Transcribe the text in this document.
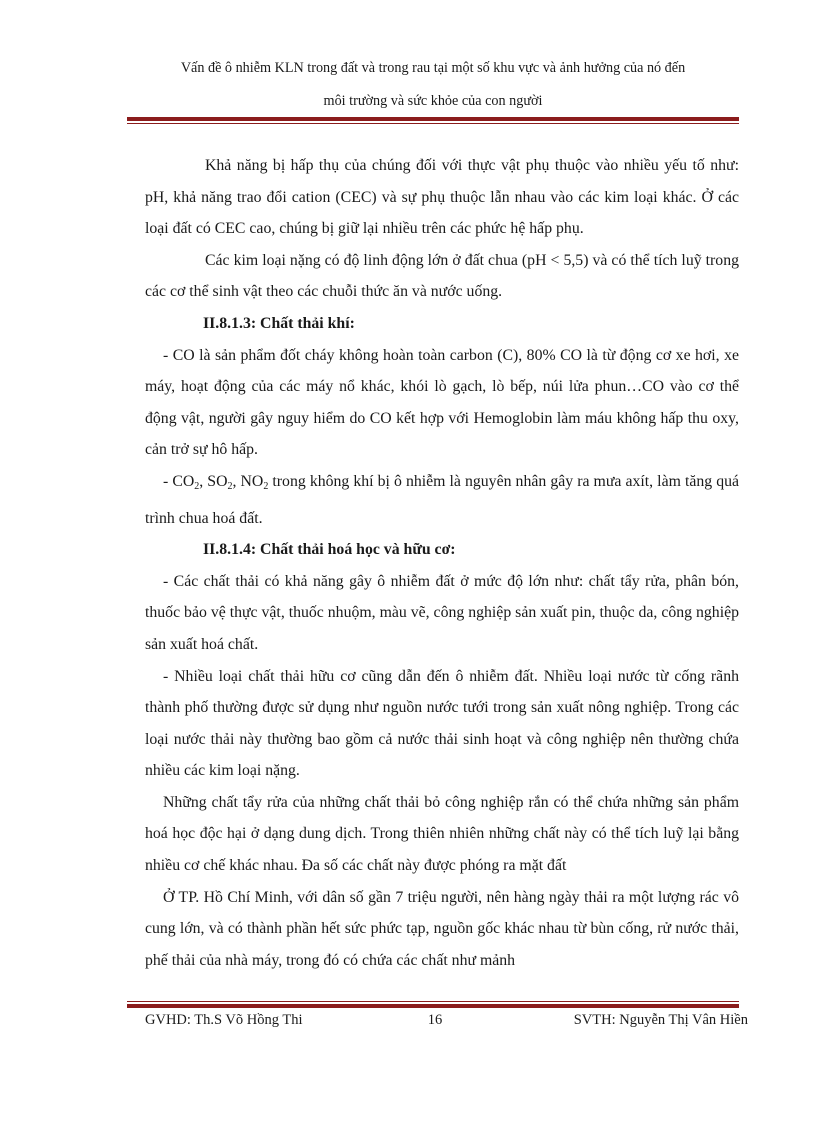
Vấn đề ô nhiễm KLN trong đất và trong rau tại một số khu vực và ảnh hưởng của nó đến
môi trường và sức khỏe của con người

Khả năng bị hấp thụ của chúng đối với thực vật phụ thuộc vào nhiều yếu tố như: pH, khả năng trao đổi cation (CEC) và sự phụ thuộc lẫn nhau vào các kim loại khác. Ở các loại đất có CEC cao, chúng bị giữ lại nhiều trên các phức hệ hấp phụ.

Các kim loại nặng có độ linh động lớn ở đất chua (pH < 5,5) và có thể tích luỹ trong các cơ thể sinh vật theo các chuỗi thức ăn và nước uống.

II.8.1.3: Chất thải khí:

- CO là sản phẩm đốt cháy không hoàn toàn carbon (C), 80% CO là từ động cơ xe hơi, xe máy, hoạt động của các máy nổ khác, khói lò gạch, lò bếp, núi lửa phun…CO vào cơ thể động vật, người gây nguy hiểm do CO kết hợp với Hemoglobin làm máu không hấp thu oxy, cản trở sự hô hấp.

- $CO_2$, $SO_2$, $NO_2$ trong không khí bị ô nhiễm là nguyên nhân gây ra mưa axít, làm tăng quá trình chua hoá đất.

II.8.1.4: Chất thải hoá học và hữu cơ:

- Các chất thải có khả năng gây ô nhiễm đất ở mức độ lớn như: chất tẩy rửa, phân bón, thuốc bảo vệ thực vật, thuốc nhuộm, màu vẽ, công nghiệp sản xuất pin, thuộc da, công nghiệp sản xuất hoá chất.

- Nhiều loại chất thải hữu cơ cũng dẫn đến ô nhiễm đất. Nhiều loại nước từ cống rãnh thành phố thường được sử dụng như nguồn nước tưới trong sản xuất nông nghiệp. Trong các loại nước thải này thường bao gồm cả nước thải sinh hoạt và công nghiệp nên thường chứa nhiều các kim loại nặng.

Những chất tẩy rửa của những chất thải bỏ công nghiệp rắn có thể chứa những sản phẩm hoá học độc hại ở dạng dung dịch. Trong thiên nhiên những chất này có thể tích luỹ lại bằng nhiều cơ chế khác nhau. Đa số các chất này được phóng ra mặt đất

Ở TP. Hồ Chí Minh, với dân số gần 7 triệu người, nên hàng ngày thải ra một lượng rác vô cung lớn, và có thành phần hết sức phức tạp, nguồn gốc khác nhau từ bùn cống, rử nước thải, phế thải của nhà máy, trong đó có chứa các chất như mảnh

GVHD: Th.S Võ Hồng Thi	16	SVTH: Nguyễn Thị Vân Hiền
